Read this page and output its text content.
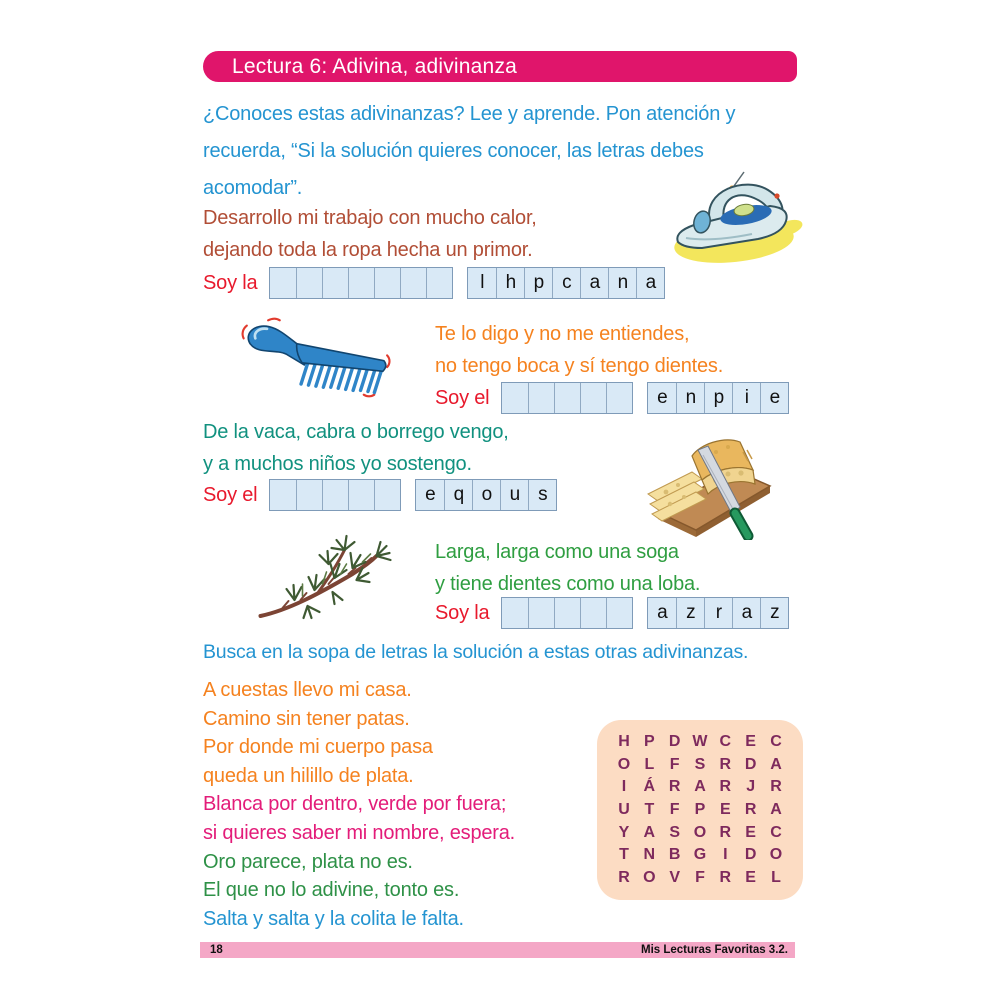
Lectura 6: Adivina, adivinanza
¿Conoces estas adivinanzas? Lee y aprende. Pon atención y
recuerda, “Si la solución quieres conocer, las letras debes
acomodar”.
Desarrollo mi trabajo con mucho calor,
dejando toda la ropa hecha un primor.
Soy la	l	h p c a n a
Te lo digo y no me entiendes,
no tengo boca y sí tengo dientes.
Soy el	e n p	i	e
De la vaca, cabra o borrego vengo,
y a muchos niños yo sostengo.
Soy el	e q o u s
Larga, larga como una soga
y tiene dientes como una loba.
Soy la	a z	r	a z
Busca en la sopa de letras la solución a estas otras adivinanzas.
A cuestas llevo mi casa.
Camino sin tener patas.
Por donde mi cuerpo pasa
queda un hilillo de plata.
Blanca por dentro, verde por fuera;
si quieres saber mi nombre, espera.
Oro parece, plata no es.
El que no lo adivine, tonto es.
Salta y salta y la colita le falta.
H P D W C E C
O L F S R D A
I	Á R A R J R
U T F P E R A
Y A S O R E C
T N B G	I	D O
R O V F R E L
18	Mis Lecturas Favoritas 3.2.
